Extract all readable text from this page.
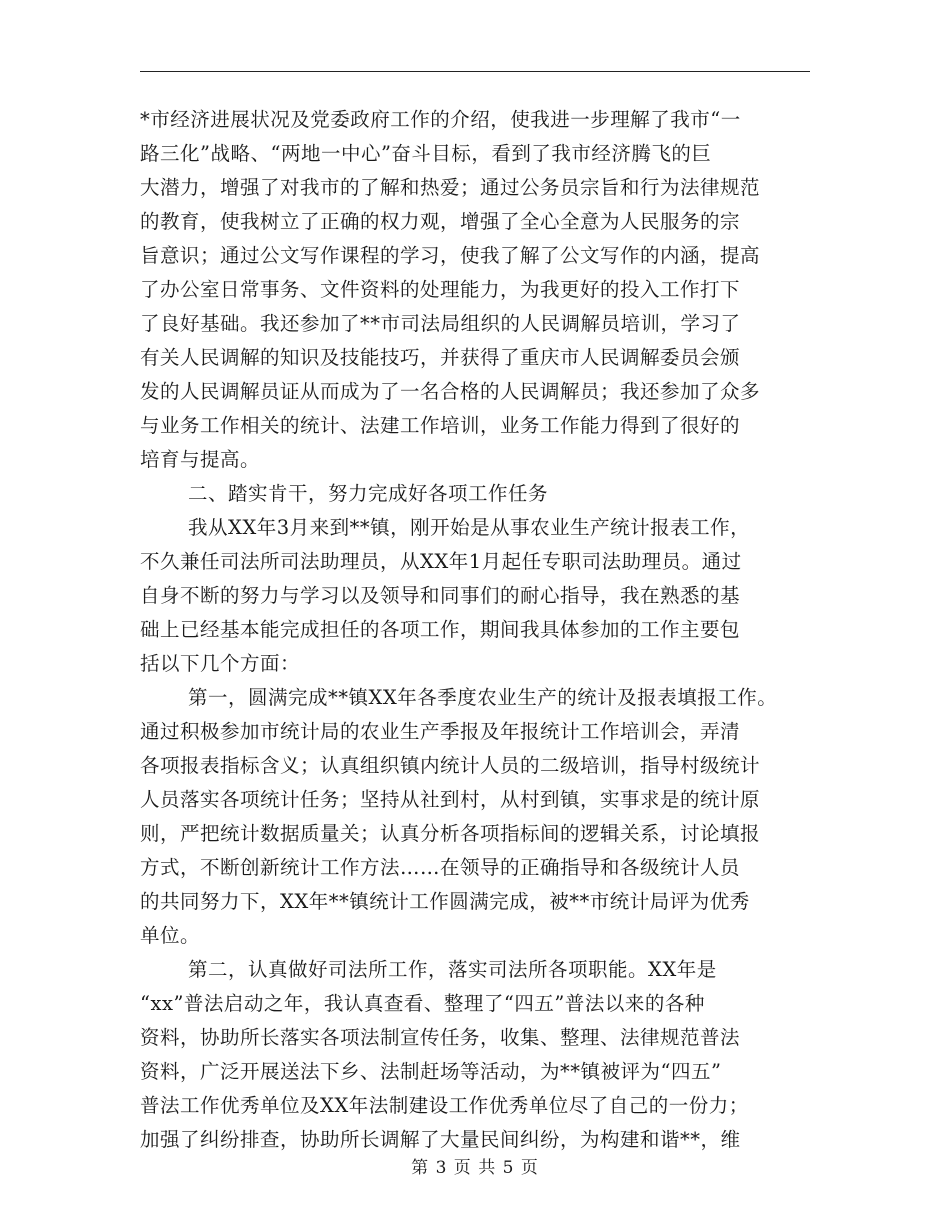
*市经济进展状况及党委政府工作的介绍，使我进一步理解了我市“一
路三化”战略、“两地一中心”奋斗目标，看到了我市经济腾飞的巨
大潜力，增强了对我市的了解和热爱；通过公务员宗旨和行为法律规范
的教育，使我树立了正确的权力观，增强了全心全意为人民服务的宗
旨意识；通过公文写作课程的学习，使我了解了公文写作的内涵，提高
了办公室日常事务、文件资料的处理能力，为我更好的投入工作打下
了良好基础。我还参加了**市司法局组织的人民调解员培训，学习了
有关人民调解的知识及技能技巧，并获得了重庆市人民调解委员会颁
发的人民调解员证从而成为了一名合格的人民调解员；我还参加了众多
与业务工作相关的统计、法建工作培训，业务工作能力得到了很好的
培育与提高。
二、踏实肯干，努力完成好各项工作任务
我从XX年3月来到**镇，刚开始是从事农业生产统计报表工作，
不久兼任司法所司法助理员，从XX年1月起任专职司法助理员。通过
自身不断的努力与学习以及领导和同事们的耐心指导，我在熟悉的基
础上已经基本能完成担任的各项工作，期间我具体参加的工作主要包
括以下几个方面：
第一，圆满完成**镇XX年各季度农业生产的统计及报表填报工作。
通过积极参加市统计局的农业生产季报及年报统计工作培训会，弄清
各项报表指标含义；认真组织镇内统计人员的二级培训，指导村级统计
人员落实各项统计任务；坚持从社到村，从村到镇，实事求是的统计原
则，严把统计数据质量关；认真分析各项指标间的逻辑关系，讨论填报
方式，不断创新统计工作方法……在领导的正确指导和各级统计人员
的共同努力下，XX年**镇统计工作圆满完成，被**市统计局评为优秀
单位。
第二，认真做好司法所工作，落实司法所各项职能。XX年是
“xx”普法启动之年，我认真查看、整理了“四五”普法以来的各种
资料，协助所长落实各项法制宣传任务，收集、整理、法律规范普法
资料，广泛开展送法下乡、法制赶场等活动，为**镇被评为“四五”
普法工作优秀单位及XX年法制建设工作优秀单位尽了自己的一份力；
加强了纠纷排查，协助所长调解了大量民间纠纷，为构建和谐**，维
第 3 页 共 5 页
